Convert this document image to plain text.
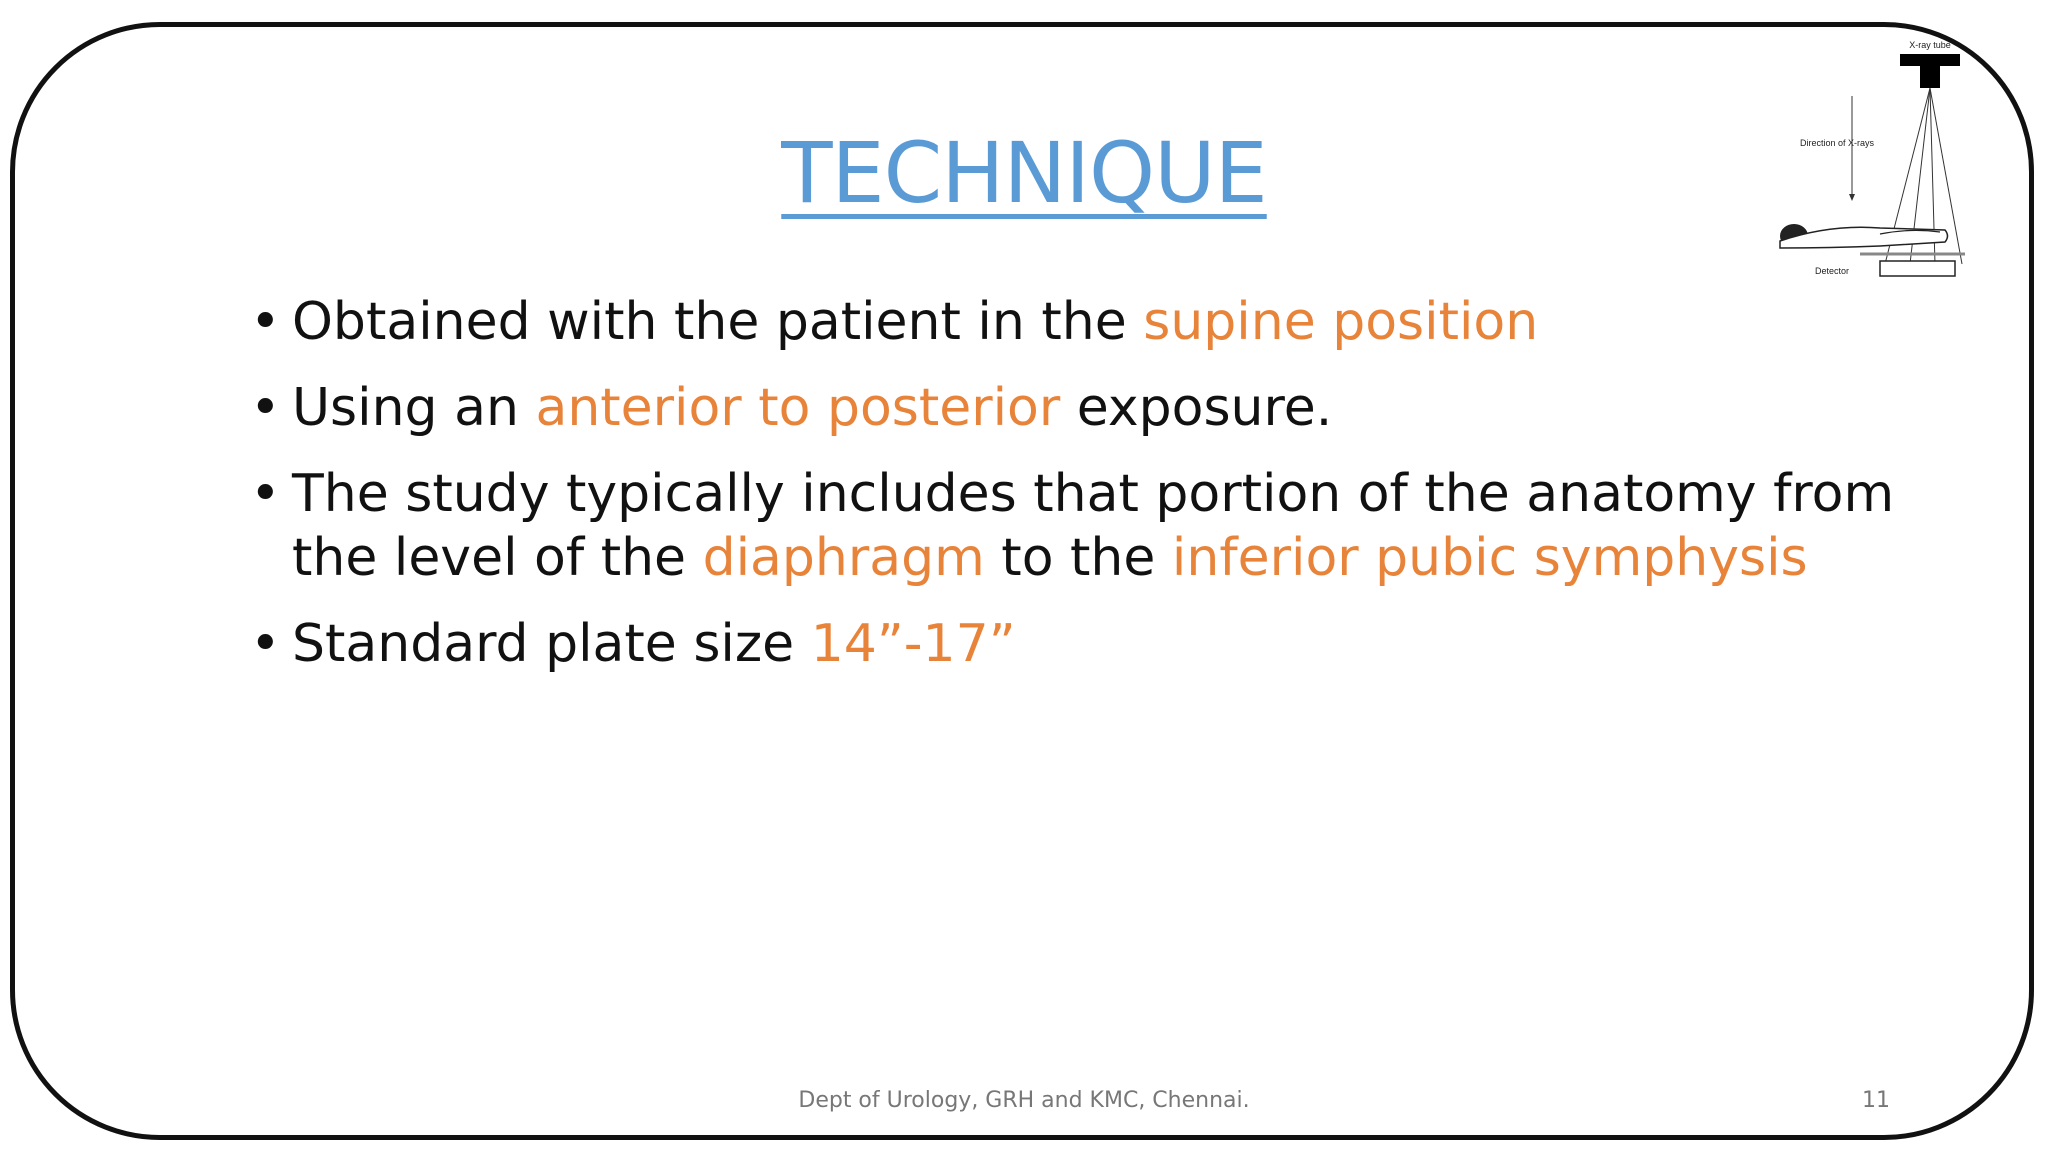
TECHNIQUE
• Obtained with the patient in the supine position
• Using an anterior to posterior exposure.
• The study typically includes that portion of the anatomy from the level of the diaphragm to the inferior pubic symphysis
• Standard plate size 14”-17”
X-ray tube
Direction of X-rays
Detector
Dept of Urology, GRH and KMC, Chennai.	11
